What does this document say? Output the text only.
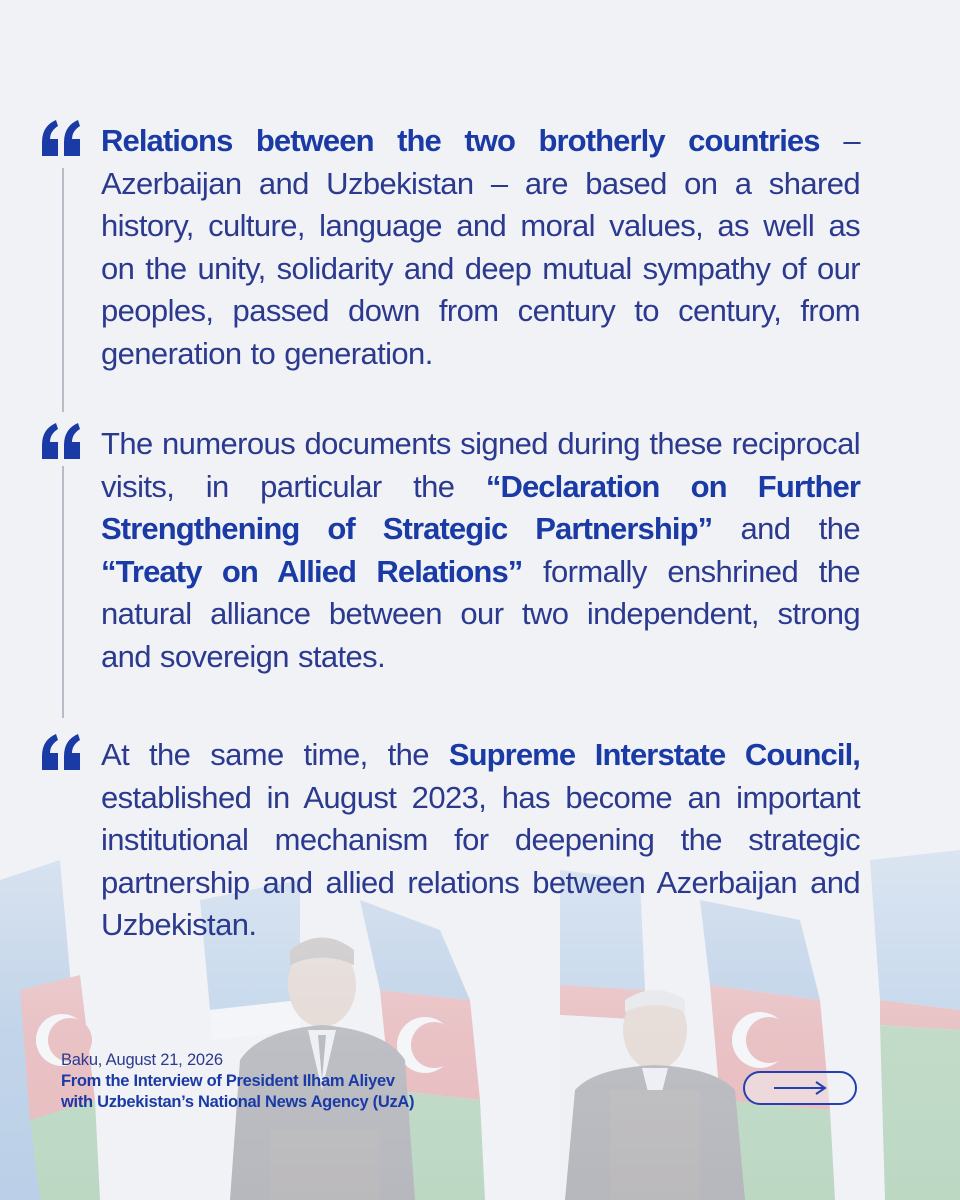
Relations between the two brotherly countries – Azerbaijan and Uzbekistan – are based on a shared history, culture, language and moral values, as well as on the unity, solidarity and deep mutual sympathy of our peoples, passed down from century to century, from generation to generation.

The numerous documents signed during these reciprocal visits, in particular the “Declaration on Further Strengthening of Strategic Partnership” and the “Treaty on Allied Relations” formally enshrined the natural alliance between our two independent, strong and sovereign states.

At the same time, the Supreme Interstate Council, established in August 2023, has become an important institutional mechanism for deepening the strategic partnership and allied relations between Azerbaijan and Uzbekistan.

Baku, August 21, 2026
From the Interview of President Ilham Aliyev
with Uzbekistan’s National News Agency (UzA)
